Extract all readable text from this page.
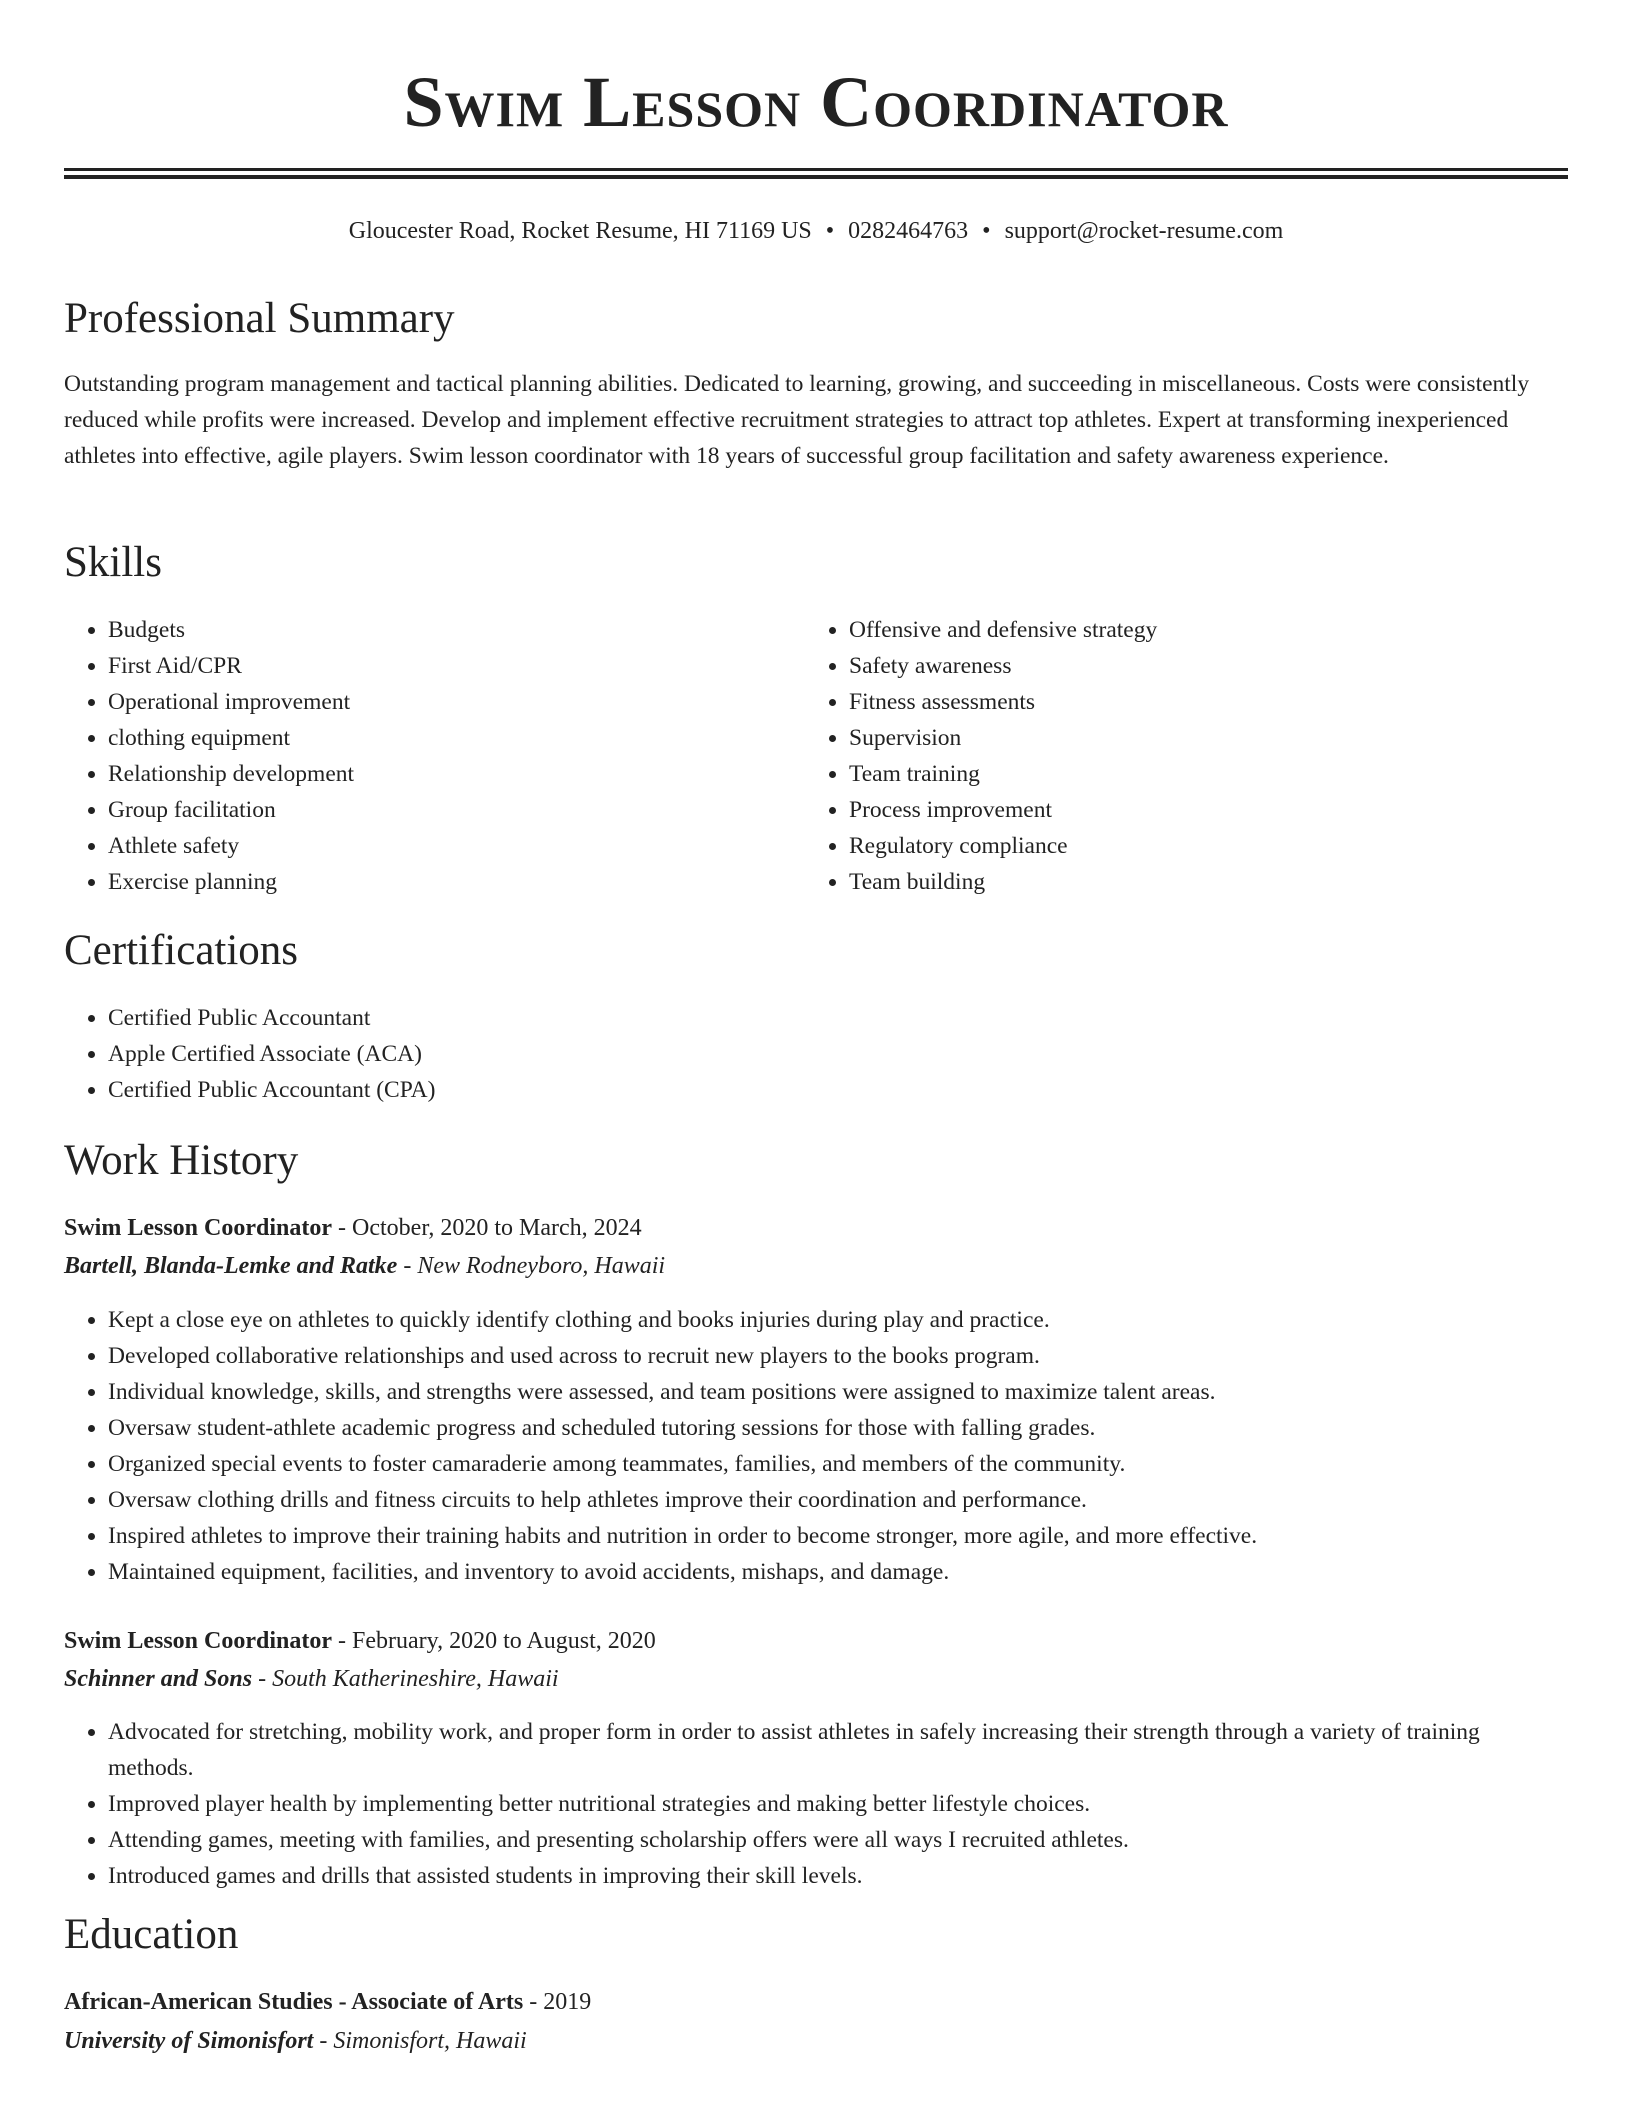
Swim Lesson Coordinator
Gloucester Road, Rocket Resume, HI 71169 US • 0282464763 • support@rocket-resume.com
Professional Summary

Outstanding program management and tactical planning abilities. Dedicated to learning, growing, and succeeding in miscellaneous. Costs were consistently reduced while profits were increased. Develop and implement effective recruitment strategies to attract top athletes. Expert at transforming inexperienced athletes into effective, agile players. Swim lesson coordinator with 18 years of successful group facilitation and safety awareness experience.

Skills
• Budgets
• First Aid/CPR
• Operational improvement
• clothing equipment
• Relationship development
• Group facilitation
• Athlete safety
• Exercise planning
• Offensive and defensive strategy
• Safety awareness
• Fitness assessments
• Supervision
• Team training
• Process improvement
• Regulatory compliance
• Team building
Certifications
• Certified Public Accountant
• Apple Certified Associate (ACA)
• Certified Public Accountant (CPA)
Work History

Swim Lesson Coordinator - October, 2020 to March, 2024

Bartell, Blanda-Lemke and Ratke - New Rodneyboro, Hawaii

• Kept a close eye on athletes to quickly identify clothing and books injuries during play and practice.
• Developed collaborative relationships and used across to recruit new players to the books program.
• Individual knowledge, skills, and strengths were assessed, and team positions were assigned to maximize talent areas.
• Oversaw student-athlete academic progress and scheduled tutoring sessions for those with falling grades.
• Organized special events to foster camaraderie among teammates, families, and members of the community.
• Oversaw clothing drills and fitness circuits to help athletes improve their coordination and performance.
• Inspired athletes to improve their training habits and nutrition in order to become stronger, more agile, and more effective.
• Maintained equipment, facilities, and inventory to avoid accidents, mishaps, and damage.

Swim Lesson Coordinator - February, 2020 to August, 2020

Schinner and Sons - South Katherineshire, Hawaii

• Advocated for stretching, mobility work, and proper form in order to assist athletes in safely increasing their strength through a variety of training methods.
• Improved player health by implementing better nutritional strategies and making better lifestyle choices.
• Attending games, meeting with families, and presenting scholarship offers were all ways I recruited athletes.
• Introduced games and drills that assisted students in improving their skill levels.
Education

African-American Studies - Associate of Arts - 2019

University of Simonisfort - Simonisfort, Hawaii
